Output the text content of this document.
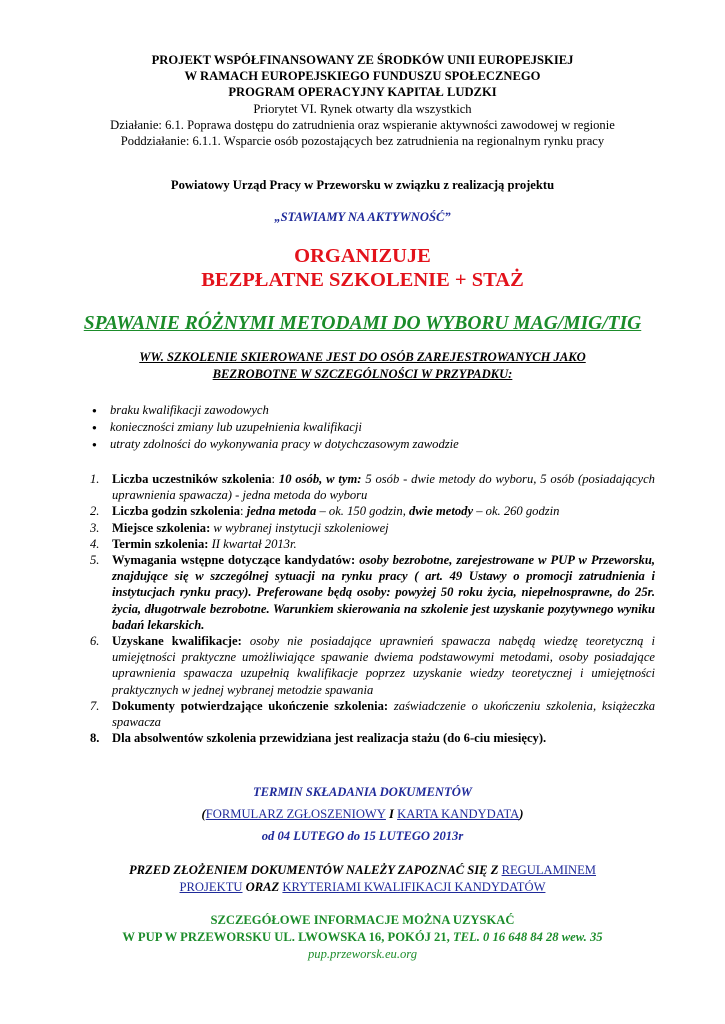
PROJEKT WSPÓŁFINANSOWANY ZE ŚRODKÓW UNII EUROPEJSKIEJ
W RAMACH EUROPEJSKIEGO FUNDUSZU SPOŁECZNEGO
PROGRAM OPERACYJNY KAPITAŁ LUDZKI
Priorytet VI. Rynek otwarty dla wszystkich
Działanie: 6.1. Poprawa dostępu do zatrudnienia oraz wspieranie aktywności zawodowej w regionie
Poddziałanie: 6.1.1. Wsparcie osób pozostających bez zatrudnienia na regionalnym rynku pracy
Powiatowy Urząd Pracy w Przeworsku w związku z realizacją projektu
„STAWIAMY NA AKTYWNOŚĆ”
ORGANIZUJE
BEZPŁATNE SZKOLENIE + STAŻ
SPAWANIE RÓŻNYMI METODAMI DO WYBORU MAG/MIG/TIG
WW. SZKOLENIE SKIEROWANE JEST DO OSÓB ZAREJESTROWANYCH JAKO
BEZROBOTNE W SZCZEGÓLNOŚCI W PRZYPADKU:
● braku kwalifikacji zawodowych
● konieczności zmiany lub uzupełnienia kwalifikacji
● utraty zdolności do wykonywania pracy w dotychczasowym zawodzie
1. Liczba uczestników szkolenia: 10 osób, w tym: 5 osób - dwie metody do wyboru, 5 osób (posiadających uprawnienia spawacza) - jedna metoda do wyboru
2. Liczba godzin szkolenia: jedna metoda – ok. 150 godzin, dwie metody – ok. 260 godzin
3. Miejsce szkolenia: w wybranej instytucji szkoleniowej
4. Termin szkolenia: II kwartał 2013r.
5. Wymagania wstępne dotyczące kandydatów: osoby bezrobotne, zarejestrowane w PUP w Przeworsku, znajdujące się w szczególnej sytuacji na rynku pracy ( art. 49 Ustawy o promocji zatrudnienia i instytucjach rynku pracy). Preferowane będą osoby: powyżej 50 roku życia, niepełnosprawne, do 25r. życia, długotrwale bezrobotne. Warunkiem skierowania na szkolenie jest uzyskanie pozytywnego wyniku badań lekarskich.
6. Uzyskane kwalifikacje: osoby nie posiadające uprawnień spawacza nabędą wiedzę teoretyczną i umiejętności praktyczne umożliwiające spawanie dwiema podstawowymi metodami, osoby posiadające uprawnienia spawacza uzupełnią kwalifikacje poprzez uzyskanie wiedzy teoretycznej i umiejętności praktycznych w jednej wybranej metodzie spawania
7. Dokumenty potwierdzające ukończenie szkolenia: zaświadczenie o ukończeniu szkolenia, książeczka spawacza
8. Dla absolwentów szkolenia przewidziana jest realizacja stażu (do 6-ciu miesięcy).
TERMIN SKŁADANIA DOKUMENTÓW
(FORMULARZ ZGŁOSZENIOWY I KARTA KANDYDATA)
od 04 LUTEGO do 15 LUTEGO 2013r
PRZED ZŁOŻENIEM DOKUMENTÓW NALEŻY ZAPOZNAĆ SIĘ Z REGULAMINEM
PROJEKTU ORAZ KRYTERIAMI KWALIFIKACJI KANDYDATÓW
SZCZEGÓŁOWE INFORMACJE MOŻNA UZYSKAĆ
W PUP W PRZEWORSKU UL. LWOWSKA 16, POKÓJ 21, TEL. 0 16 648 84 28 wew. 35
pup.przeworsk.eu.org
